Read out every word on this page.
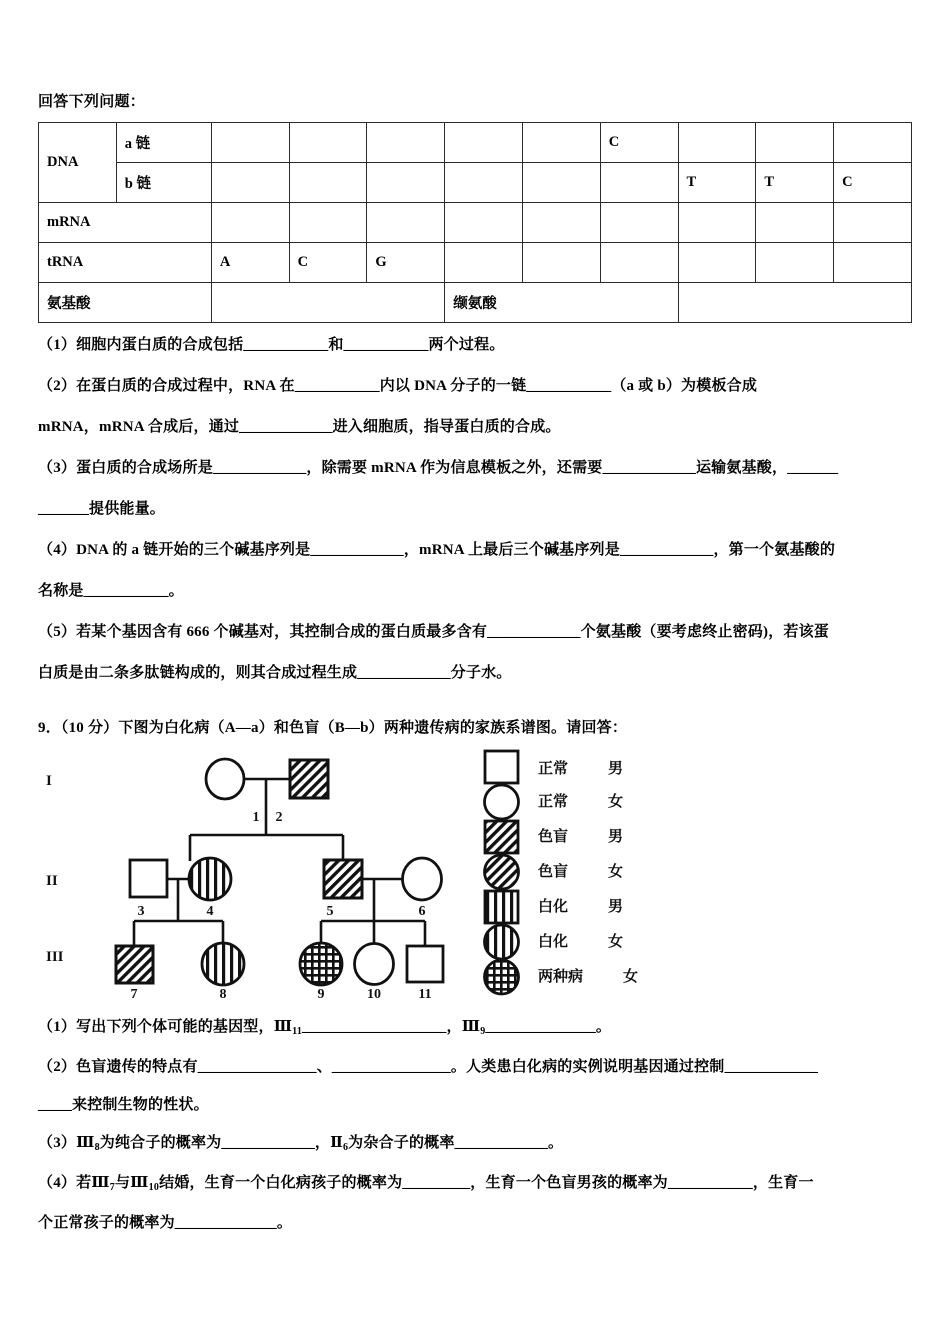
回答下列问题：
DNA	a 链						C			
	b 链							T	T	C
mRNA										
tRNA		A	C	G						
氨基酸					缬氨酸					
（1）细胞内蛋白质的合成包括__________和__________两个过程。
（2）在蛋白质的合成过程中，RNA 在__________内以 DNA 分子的一链__________（a 或 b）为模板合成
mRNA，mRNA 合成后，通过___________进入细胞质，指导蛋白质的合成。
（3）蛋白质的合成场所是___________，除需要 mRNA 作为信息模板之外，还需要___________运输氨基酸，______
______提供能量。
（4）DNA 的 a 链开始的三个碱基序列是___________，mRNA 上最后三个碱基序列是___________，第一个氨基酸的
名称是__________。
（5）若某个基因含有 666 个碱基对，其控制合成的蛋白质最多含有___________个氨基酸（要考虑终止密码)，若该蛋
白质是由二条多肽链构成的，则其合成过程生成___________分子水。
9．（10 分）下图为白化病（A—a）和色盲（B—b）两种遗传病的家族系谱图。请回答：
I
II
III
1 2
3	4	5	6
7	8	9	10	11
正常	男
正常	女
色盲	男
色盲	女
白化	男
白化	女
两种病	女
（1）写出下列个体可能的基因型，$Ⅲ_{11}\_\_\_\_\_\_\_\_\_\_\_\_\_\_\_\_\_$，$Ⅲ_9\_\_\_\_\_\_\_\_\_\_\_\_\_$。
（2）色盲遗传的特点有______________、______________。人类患白化病的实例说明基因通过控制___________
____来控制生物的性状。
$(3)Ⅲ_8$为纯合子的概率为___________，$Ⅱ_6$为杂合子的概率___________。
（4）若$Ⅲ_7$与$Ⅲ_{10}$结婚，生育一个白化病孩子的概率为________，生育一个色盲男孩的概率为__________，生育一
个正常孩子的概率为____________。
